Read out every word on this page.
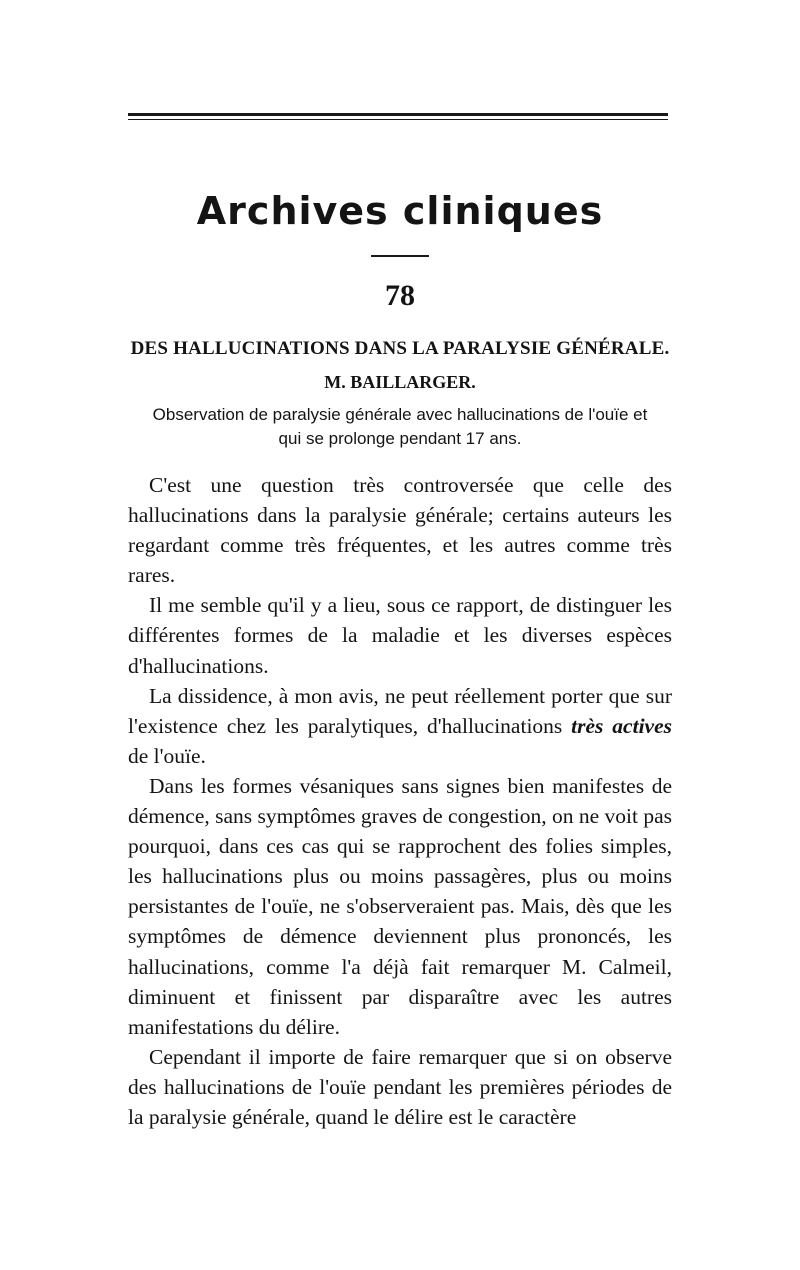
Archives cliniques
78
DES HALLUCINATIONS DANS LA PARALYSIE GÉNÉRALE.
M. BAILLARGER.
Observation de paralysie générale avec hallucinations de l'ouïe et qui se prolonge pendant 17 ans.

C'est une question très controversée que celle des hallucinations dans la paralysie générale; certains auteurs les regardant comme très fréquentes, et les autres comme très rares.

Il me semble qu'il y a lieu, sous ce rapport, de distinguer les différentes formes de la maladie et les diverses espèces d'hallucinations.

La dissidence, à mon avis, ne peut réellement porter que sur l'existence chez les paralytiques, d'hallucinations très actives de l'ouïe.

Dans les formes vésaniques sans signes bien manifestes de démence, sans symptômes graves de congestion, on ne voit pas pourquoi, dans ces cas qui se rapprochent des folies simples, les hallucinations plus ou moins passagères, plus ou moins persistantes de l'ouïe, ne s'observeraient pas. Mais, dès que les symptômes de démence deviennent plus prononcés, les hallucinations, comme l'a déjà fait remarquer M. Calmeil, diminuent et finissent par disparaître avec les autres manifestations du délire.

Cependant il importe de faire remarquer que si on observe des hallucinations de l'ouïe pendant les premières périodes de la paralysie générale, quand le délire est le caractère
